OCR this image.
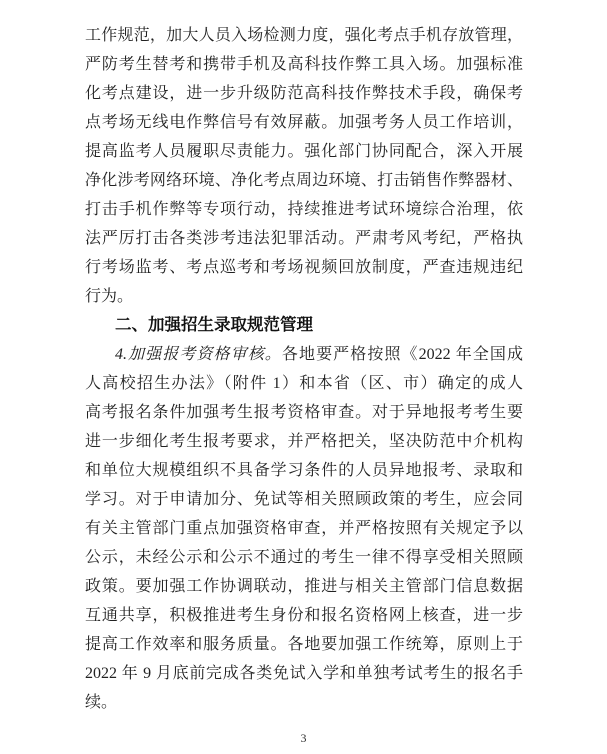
工作规范，加大人员入场检测力度，强化考点手机存放管理，
严防考生替考和携带手机及高科技作弊工具入场。加强标准
化考点建设，进一步升级防范高科技作弊技术手段，确保考
点考场无线电作弊信号有效屏蔽。加强考务人员工作培训，
提高监考人员履职尽责能力。强化部门协同配合，深入开展
净化涉考网络环境、净化考点周边环境、打击销售作弊器材、
打击手机作弊等专项行动，持续推进考试环境综合治理，依
法严厉打击各类涉考违法犯罪活动。严肃考风考纪，严格执
行考场监考、考点巡考和考场视频回放制度，严查违规违纪
行为。
二、加强招生录取规范管理
4.加强报考资格审核。各地要严格按照《2022 年全国成
人高校招生办法》（附件 1）和本省（区、市）确定的成人
高考报名条件加强考生报考资格审查。对于异地报考考生要
进一步细化考生报考要求，并严格把关，坚决防范中介机构
和单位大规模组织不具备学习条件的人员异地报考、录取和
学习。对于申请加分、免试等相关照顾政策的考生，应会同
有关主管部门重点加强资格审查，并严格按照有关规定予以
公示，未经公示和公示不通过的考生一律不得享受相关照顾
政策。要加强工作协调联动，推进与相关主管部门信息数据
互通共享，积极推进考生身份和报名资格网上核查，进一步
提高工作效率和服务质量。各地要加强工作统筹，原则上于
2022 年 9 月底前完成各类免试入学和单独考试考生的报名手
续。
3
